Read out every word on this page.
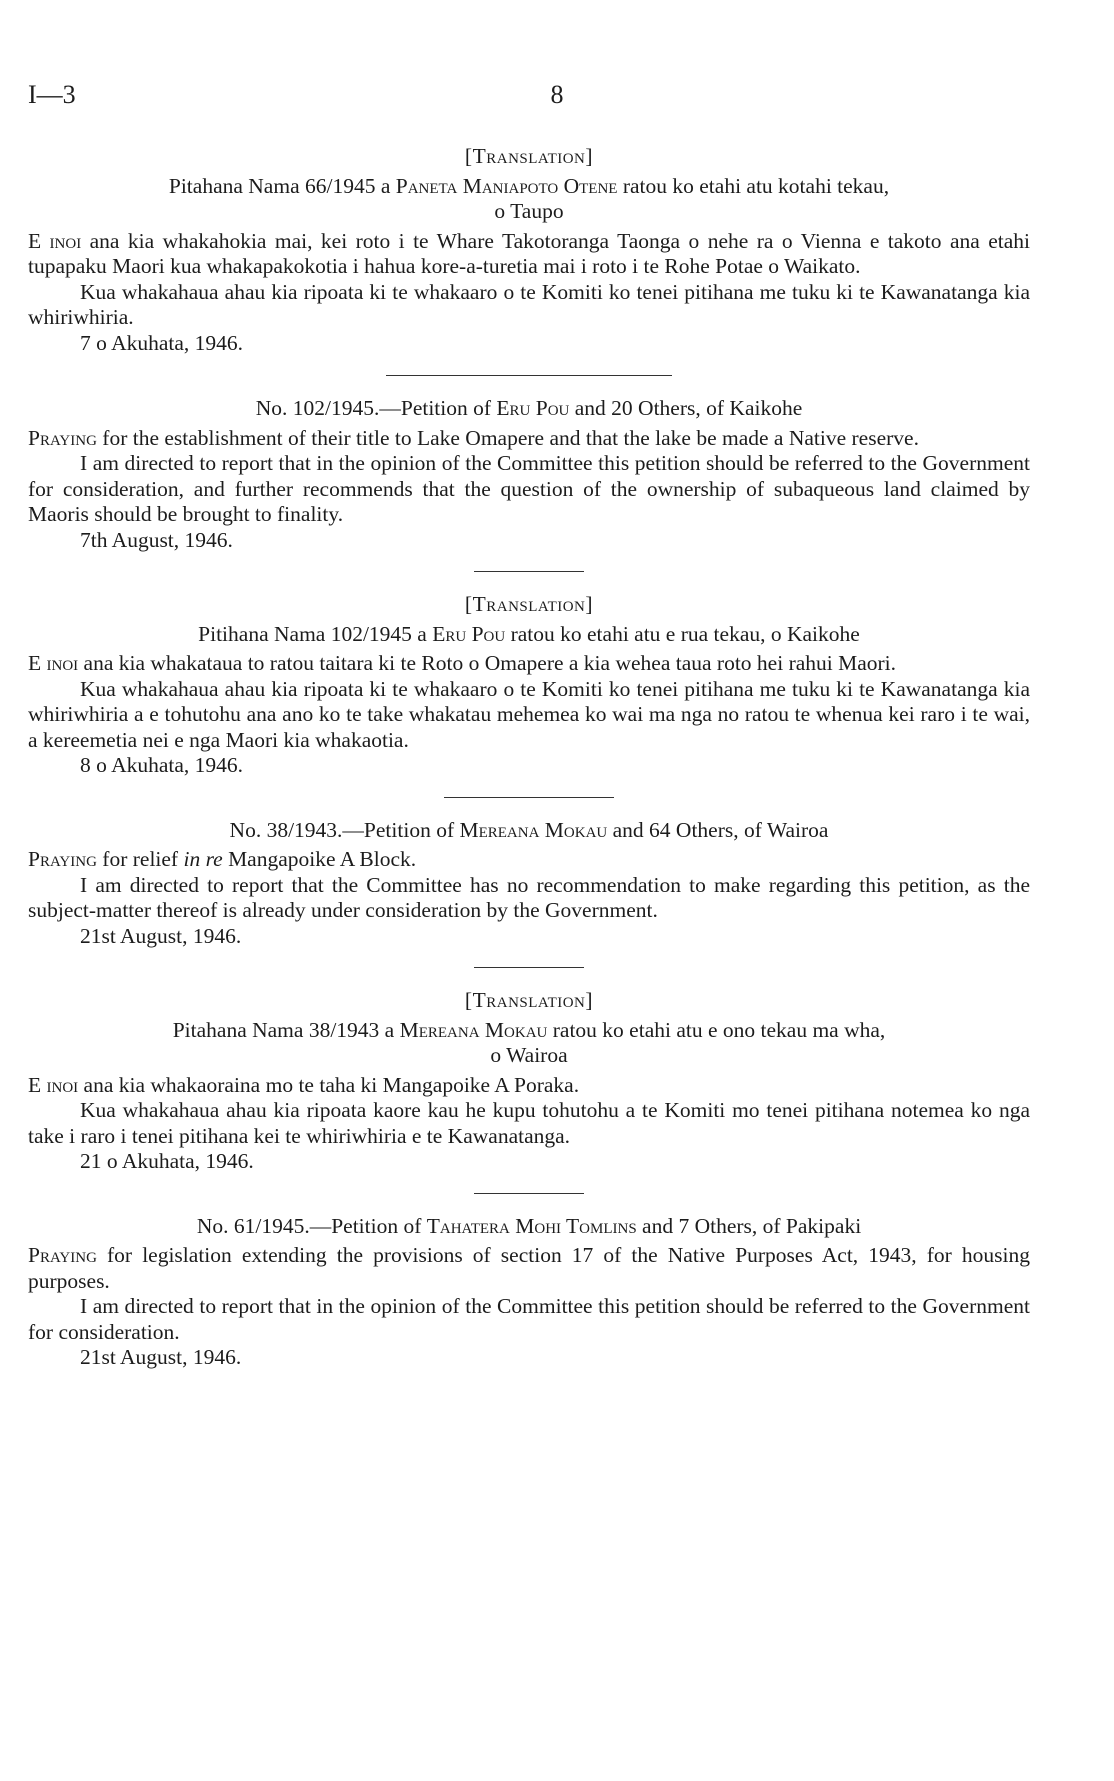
I—3	8

[Translation]

Pitahana Nama 66/1945 a Paneta Maniapoto Otene ratou ko etahi atu kotahi tekau,

o Taupo

E inoi ana kia whakahokia mai, kei roto i te Whare Takotoranga Taonga o nehe ra o Vienna e takoto ana etahi tupapaku Maori kua whakapakokotia i hahua kore-a-turetia mai i roto i te Rohe Potae o Waikato.

Kua whakahaua ahau kia ripoata ki te whakaaro o te Komiti ko tenei pitihana me tuku ki te Kawanatanga kia whiriwhiria.

7 o Akuhata, 1946.

No. 102/1945.—Petition of Eru Pou and 20 Others, of Kaikohe

Praying for the establishment of their title to Lake Omapere and that the lake be made a Native reserve.

I am directed to report that in the opinion of the Committee this petition should be referred to the Government for consideration, and further recommends that the question of the ownership of subaqueous land claimed by Maoris should be brought to finality.

7th August, 1946.

[Translation]

Pitihana Nama 102/1945 a Eru Pou ratou ko etahi atu e rua tekau, o Kaikohe

E inoi ana kia whakataua to ratou taitara ki te Roto o Omapere a kia wehea taua roto hei rahui Maori.

Kua whakahaua ahau kia ripoata ki te whakaaro o te Komiti ko tenei pitihana me tuku ki te Kawanatanga kia whiriwhiria a e tohutohu ana ano ko te take whakatau mehemea ko wai ma nga no ratou te whenua kei raro i te wai, a kereemetia nei e nga Maori kia whakaotia.

8 o Akuhata, 1946.

No. 38/1943.—Petition of Mereana Mokau and 64 Others, of Wairoa

Praying for relief in re Mangapoike A Block.

I am directed to report that the Committee has no recommendation to make regarding this petition, as the subject-matter thereof is already under consideration by the Government.

21st August, 1946.

[Translation]

Pitahana Nama 38/1943 a Mereana Mokau ratou ko etahi atu e ono tekau ma wha,

o Wairoa

E inoi ana kia whakaoraina mo te taha ki Mangapoike A Poraka.

Kua whakahaua ahau kia ripoata kaore kau he kupu tohutohu a te Komiti mo tenei pitihana notemea ko nga take i raro i tenei pitihana kei te whiriwhiria e te Kawanatanga.

21 o Akuhata, 1946.

No. 61/1945.—Petition of Tahatera Mohi Tomlins and 7 Others, of Pakipaki

Praying for legislation extending the provisions of section 17 of the Native Purposes Act, 1943, for housing purposes.

I am directed to report that in the opinion of the Committee this petition should be referred to the Government for consideration.

21st August, 1946.
